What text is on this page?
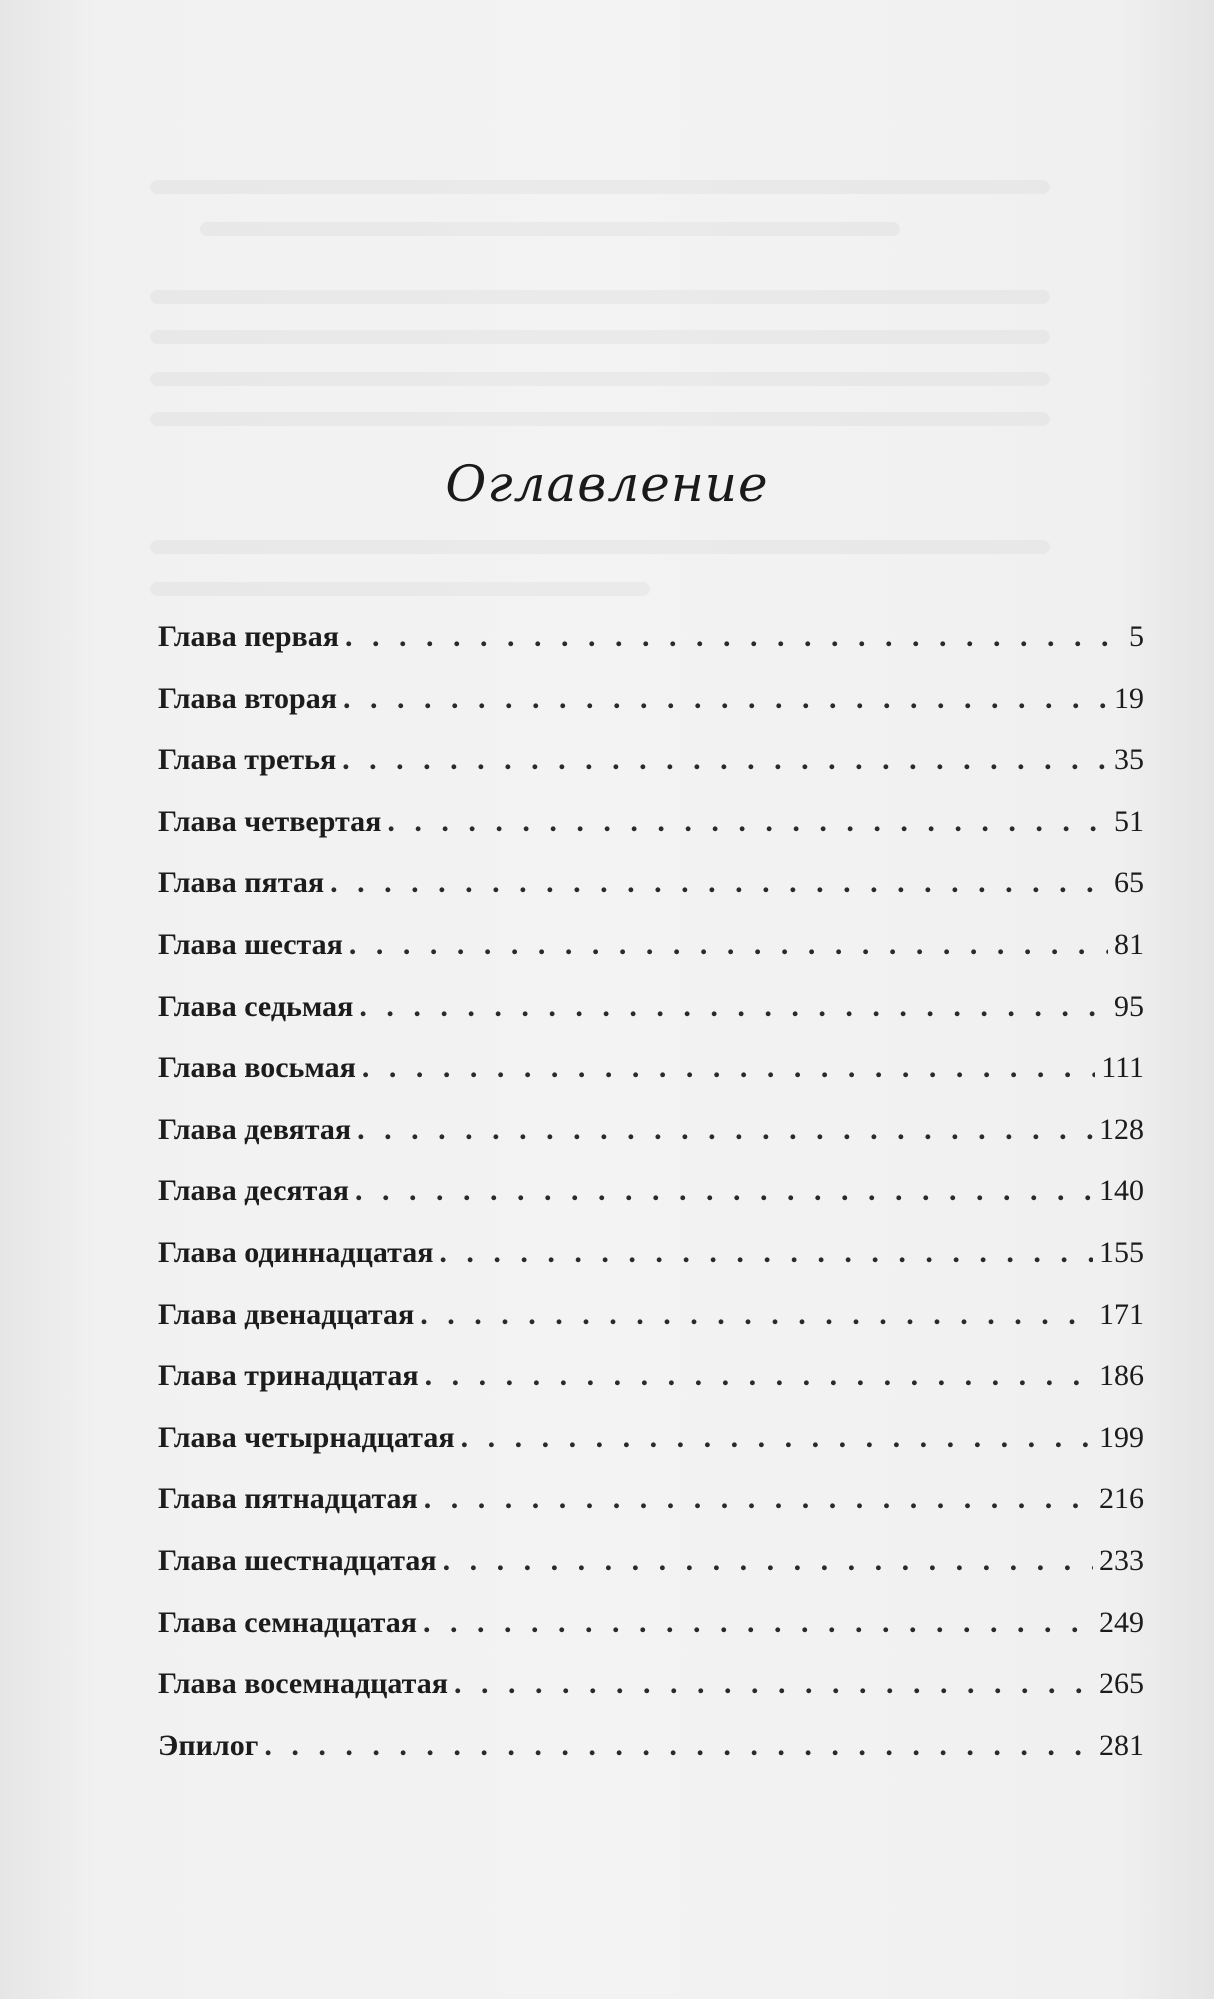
Оглавление
Глава первая . . .	5
Глава вторая . . .	19
Глава третья . . .	35
Глава четвертая . . .	51
Глава пятая . . .	65
Глава шестая . . .	81
Глава седьмая . . .	95
Глава восьмая . . .	111
Глава девятая . . .	128
Глава десятая . . .	140
Глава одиннадцатая . . .	155
Глава двенадцатая . . .	171
Глава тринадцатая . . .	186
Глава четырнадцатая . . .	199
Глава пятнадцатая . . .	216
Глава шестнадцатая . . .	233
Глава семнадцатая . . .	249
Глава восемнадцатая . . .	265
Эпилог . . .	281
